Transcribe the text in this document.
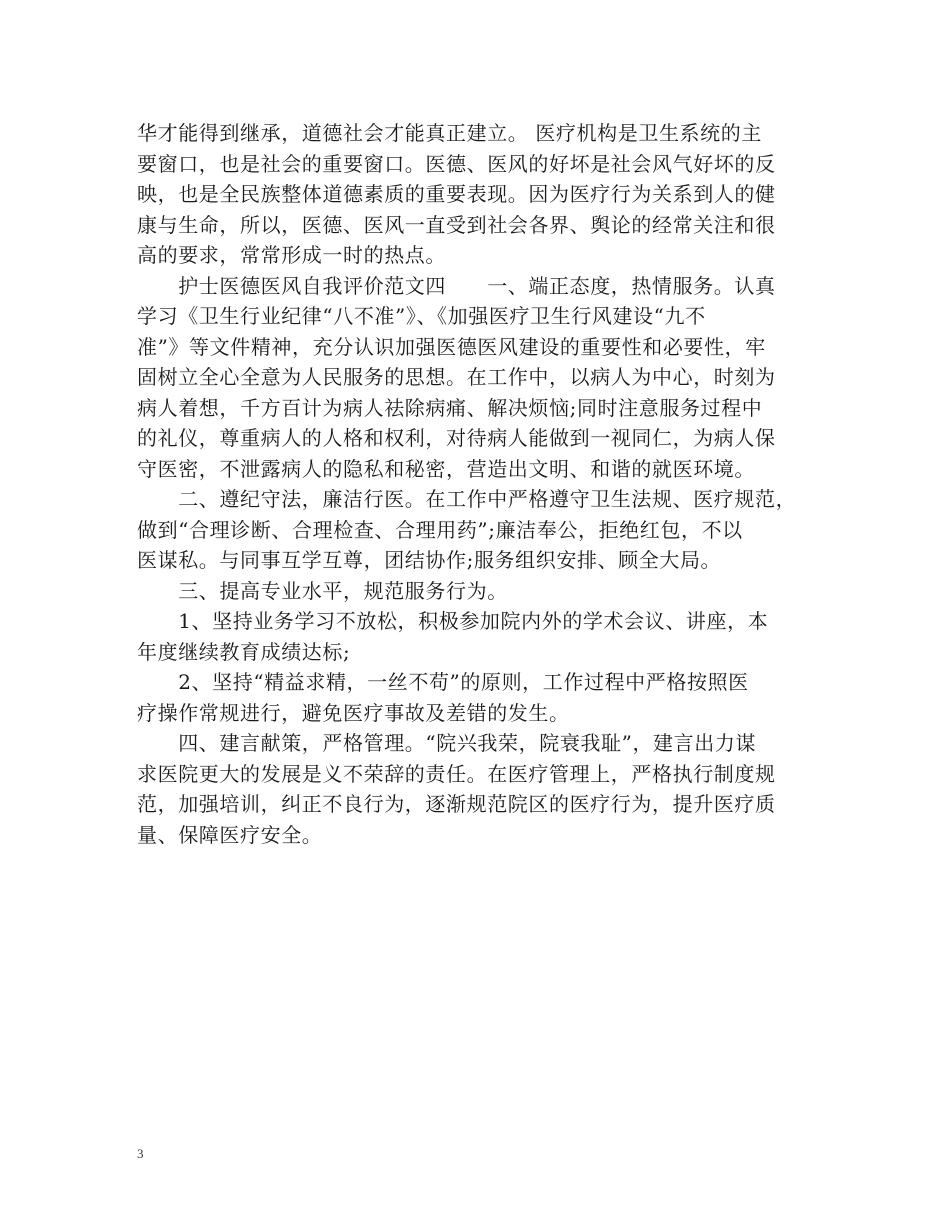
华才能得到继承，道德社会才能真正建立。 医疗机构是卫生系统的主
要窗口，也是社会的重要窗口。医德、医风的好坏是社会风气好坏的反
映，也是全民族整体道德素质的重要表现。因为医疗行为关系到人的健
康与生命，所以，医德、医风一直受到社会各界、舆论的经常关注和很
高的要求，常常形成一时的热点。
　　护士医德医风自我评价范文四　　一、端正态度，热情服务。认真
学习《卫生行业纪律“八不准”》、《加强医疗卫生行风建设“九不
准”》等文件精神，充分认识加强医德医风建设的重要性和必要性，牢
固树立全心全意为人民服务的思想。在工作中，以病人为中心，时刻为
病人着想，千方百计为病人祛除病痛、解决烦恼;同时注意服务过程中
的礼仪，尊重病人的人格和权利，对待病人能做到一视同仁，为病人保
守医密，不泄露病人的隐私和秘密，营造出文明、和谐的就医环境。
　　二、遵纪守法，廉洁行医。在工作中严格遵守卫生法规、医疗规范，
做到“合理诊断、合理检查、合理用药”;廉洁奉公，拒绝红包，不以
医谋私。与同事互学互尊，团结协作;服务组织安排、顾全大局。
　　三、提高专业水平，规范服务行为。
　　1、坚持业务学习不放松，积极参加院内外的学术会议、讲座，本
年度继续教育成绩达标;
　　2、坚持“精益求精，一丝不苟”的原则，工作过程中严格按照医
疗操作常规进行，避免医疗事故及差错的发生。
　　四、建言献策，严格管理。“院兴我荣，院衰我耻”，建言出力谋
求医院更大的发展是义不荣辞的责任。在医疗管理上，严格执行制度规
范，加强培训，纠正不良行为，逐渐规范院区的医疗行为，提升医疗质
量、保障医疗安全。
3
